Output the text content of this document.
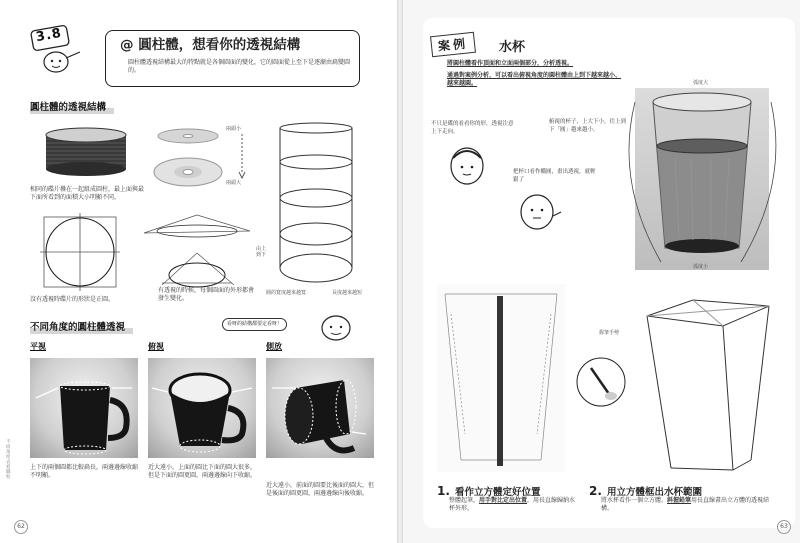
3.8	@ 圓柱體，想看你的透視結構
圓柱體透視結構最大的特點就是各個圓面的變化，它的圓面從上至下是逐漸由扁變圓的。
圓柱體的透視結構
相同的碟片疊在一起組成圓柱，最上面與最下面所看到的面積大小明顯不同。
兩頭小
兩頭大
由上到下
圓的寬度越來越寬	長度越來越短
沒有透視時碟片的形狀是正圓。
有透視的時候，每個圓面的外形都會發生變化。
不同角度的圓柱體透視	看呀的結構都要定看呀！
平視	俯視	側放
上下的兩個圓都比較扁長，兩邊邊線收縮不明顯。
近大遠小，上面的圓比下面的圓大很多，但是下面的圓更圓，兩邊邊線向下收縮。
近大遠小，前面的圓要比後面的圓大，但是後面的圓更圓，兩邊邊線向後收縮。
不同角度去看圓柱
62
案例	水杯
將圓柱體看作頂面和立面兩個部分，分析透視。
通過對案例分析，可以看出俯視角度的圓柱體由上到下越來越小、越來越圓。
不只是碟的看看你的形，透視注意上下走向。
俯視的杯子，上大下小，往上到下「圓」越來越小。
把杯口看作橢圓，畫出透視，就輕鬆了
弧度大
弧度小
握筆手勢
1. 看作立方體定好位置
整體起筆，用手對比定出位置，用長直線歸納水杯外形。
2. 用立方體框出水杯範圍
將水杯看作一個立方體，斜握鉛筆用長直線畫出立方體的透視結構。
63
